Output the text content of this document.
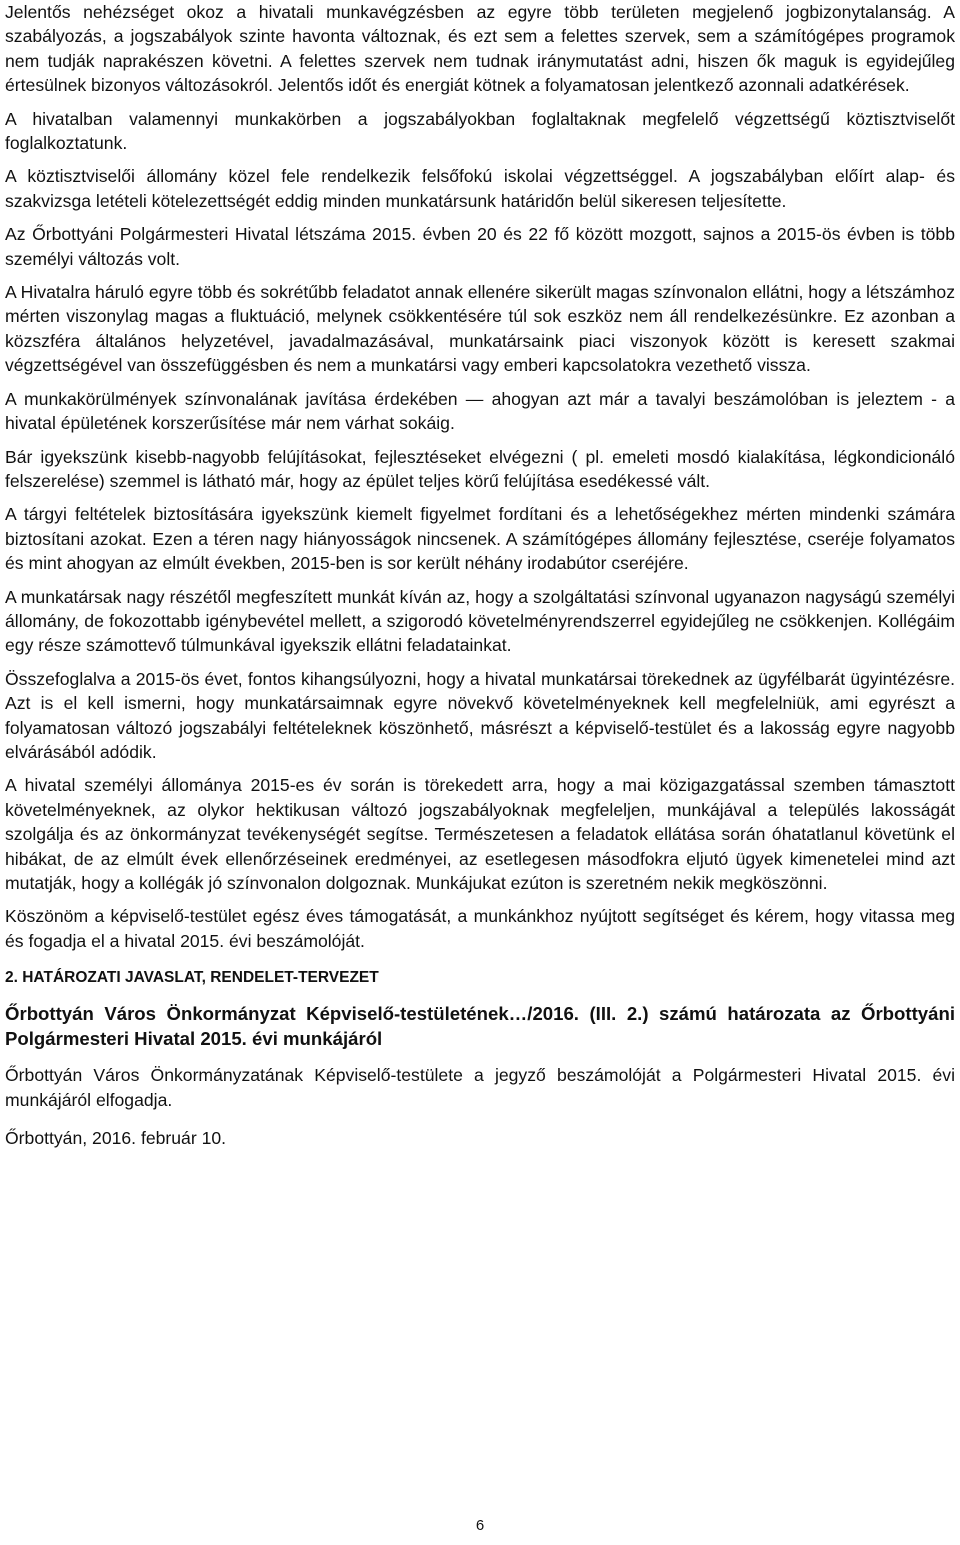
Jelentős nehézséget okoz a hivatali munkavégzésben az egyre több területen megjelenő jogbizonytalanság. A szabályozás, a jogszabályok szinte havonta változnak, és ezt sem a felettes szervek, sem a számítógépes programok nem tudják naprakészen követni. A felettes szervek nem tudnak iránymutatást adni, hiszen ők maguk is egyidejűleg értesülnek bizonyos változásokról. Jelentős időt és energiát kötnek a folyamatosan jelentkező azonnali adatkérések.

A hivatalban valamennyi munkakörben a jogszabályokban foglaltaknak megfelelő végzettségű köztisztviselőt foglalkoztatunk.

A köztisztviselői állomány közel fele rendelkezik felsőfokú iskolai végzettséggel. A jogszabályban előírt alap- és szakvizsga letételi kötelezettségét eddig minden munkatársunk határidőn belül sikeresen teljesítette.

Az Őrbottyáni Polgármesteri Hivatal létszáma 2015. évben 20 és 22 fő között mozgott, sajnos a 2015-ös évben is több személyi változás volt.

A Hivatalra háruló egyre több és sokrétűbb feladatot annak ellenére sikerült magas színvonalon ellátni, hogy a létszámhoz mérten viszonylag magas a fluktuáció, melynek csökkentésére túl sok eszköz nem áll rendelkezésünkre. Ez azonban a közszféra általános helyzetével, javadalmazásával, munkatársaink piaci viszonyok között is keresett szakmai végzettségével van összefüggésben és nem a munkatársi vagy emberi kapcsolatokra vezethető vissza.

A munkakörülmények színvonalának javítása érdekében — ahogyan azt már a tavalyi beszámolóban is jeleztem - a hivatal épületének korszerűsítése már nem várhat sokáig.

Bár igyekszünk kisebb-nagyobb felújításokat, fejlesztéseket elvégezni ( pl. emeleti mosdó kialakítása, légkondicionáló felszerelése) szemmel is látható már, hogy az épület teljes körű felújítása esedékessé vált.

A tárgyi feltételek biztosítására igyekszünk kiemelt figyelmet fordítani és a lehetőségekhez mérten mindenki számára biztosítani azokat. Ezen a téren nagy hiányosságok nincsenek. A számítógépes állomány fejlesztése, cseréje folyamatos és mint ahogyan az elmúlt években, 2015-ben is sor került néhány irodabútor cseréjére.

A munkatársak nagy részétől megfeszített munkát kíván az, hogy a szolgáltatási színvonal ugyanazon nagyságú személyi állomány, de fokozottabb igénybevétel mellett, a szigorodó követelményrendszerrel egyidejűleg ne csökkenjen. Kollégáim egy része számottevő túlmunkával igyekszik ellátni feladatainkat.

Összefoglalva a 2015-ös évet, fontos kihangsúlyozni, hogy a hivatal munkatársai törekednek az ügyfélbarát ügyintézésre. Azt is el kell ismerni, hogy munkatársaimnak egyre növekvő követelményeknek kell megfelelniük, ami egyrészt a folyamatosan változó jogszabályi feltételeknek köszönhető, másrészt a képviselő-testület és a lakosság egyre nagyobb elvárásából adódik.

A hivatal személyi állománya 2015-es év során is törekedett arra, hogy a mai közigazgatással szemben támasztott követelményeknek, az olykor hektikusan változó jogszabályoknak megfeleljen, munkájával a település lakosságát szolgálja és az önkormányzat tevékenységét segítse. Természetesen a feladatok ellátása során óhatatlanul követünk el hibákat, de az elmúlt évek ellenőrzéseinek eredményei, az esetlegesen másodfokra eljutó ügyek kimenetelei mind azt mutatják, hogy a kollégák jó színvonalon dolgoznak. Munkájukat ezúton is szeretném nekik megköszönni.

Köszönöm a képviselő-testület egész éves támogatását, a munkánkhoz nyújtott segítséget és kérem, hogy vitassa meg és fogadja el a hivatal 2015. évi beszámolóját.

2. HATÁROZATI JAVASLAT, RENDELET-TERVEZET

Őrbottyán Város Önkormányzat Képviselő-testületének…/2016. (III. 2.) számú határozata az Őrbottyáni Polgármesteri Hivatal 2015. évi munkájáról

Őrbottyán Város Önkormányzatának Képviselő-testülete a jegyző beszámolóját a Polgármesteri Hivatal 2015. évi munkájáról elfogadja.

Őrbottyán, 2016. február 10.

6
